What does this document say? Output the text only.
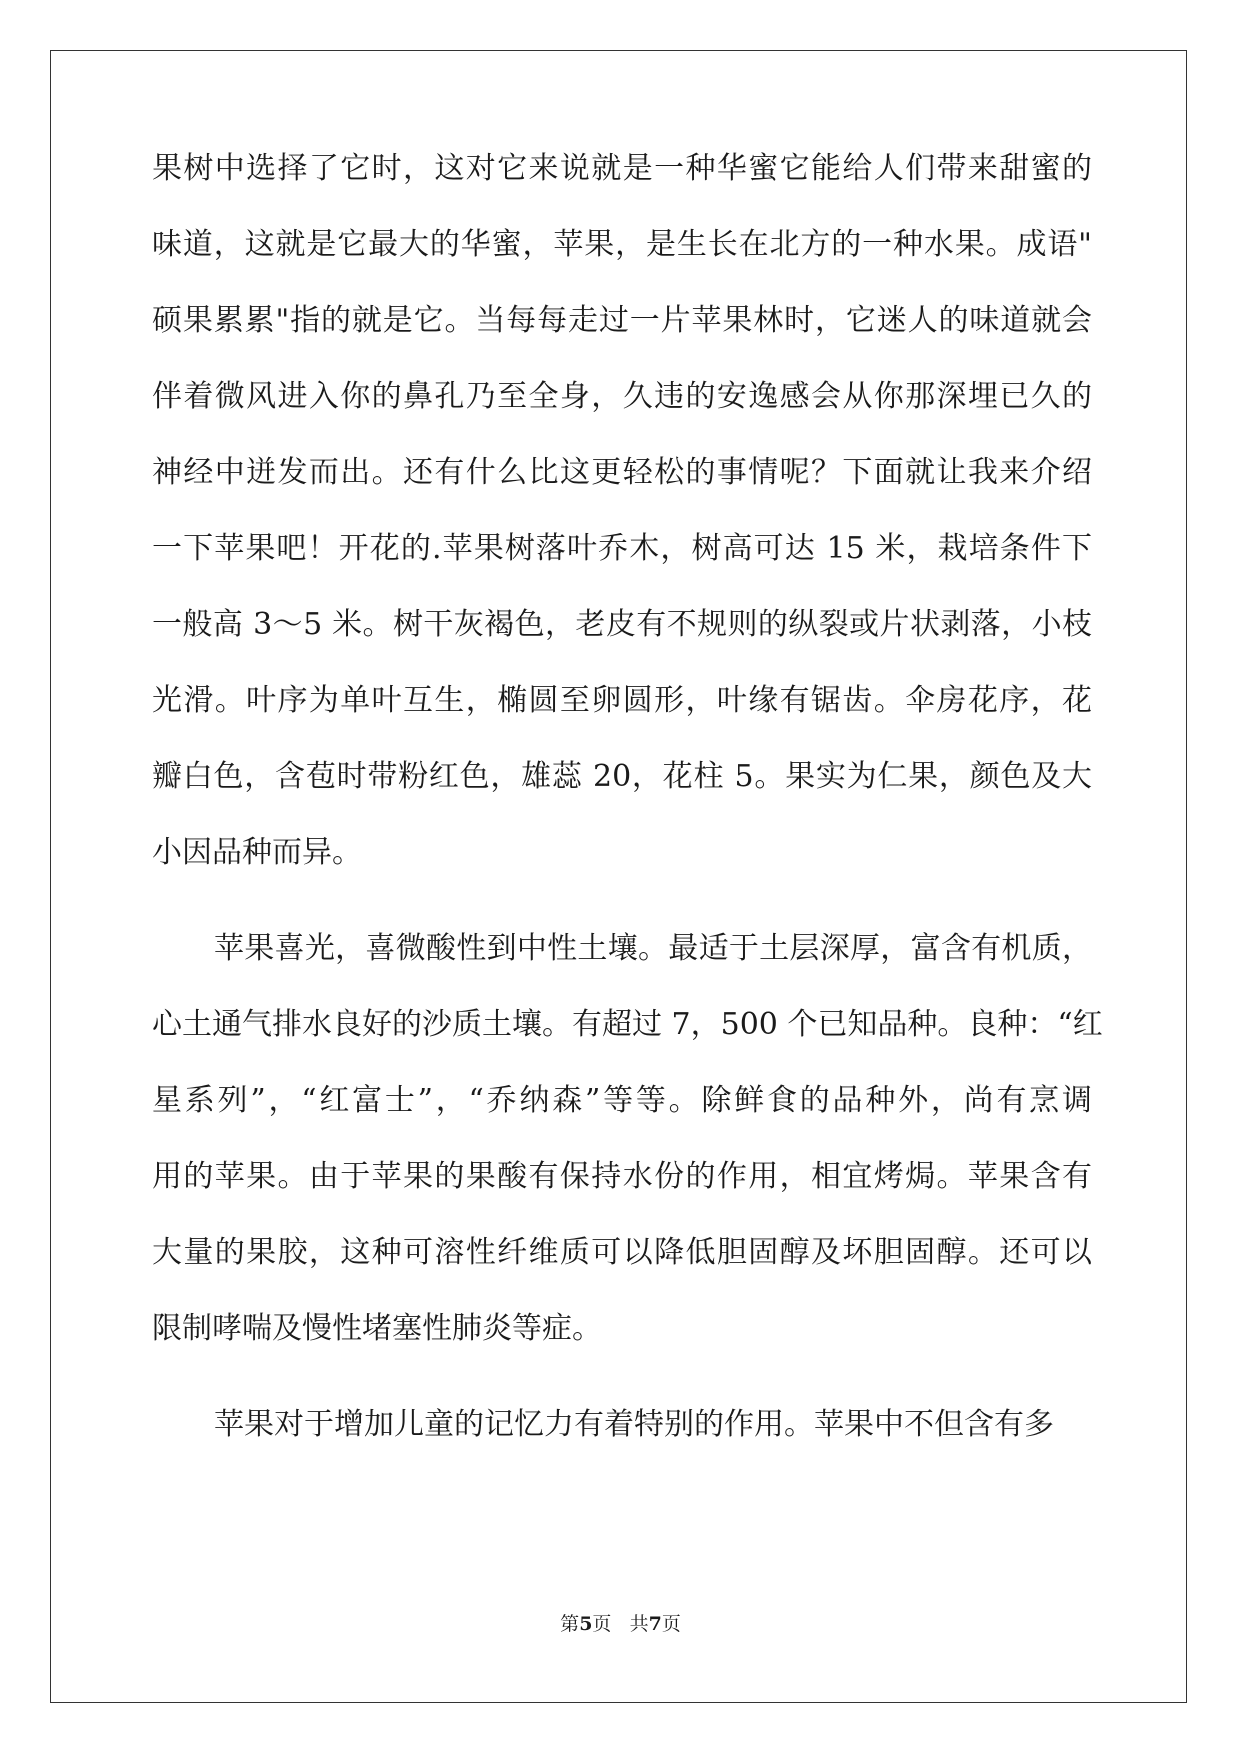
果树中选择了它时，这对它来说就是一种华蜜它能给人们带来甜蜜的
味道，这就是它最大的华蜜，苹果，是生长在北方的一种水果。成语"
硕果累累"指的就是它。当每每走过一片苹果林时，它迷人的味道就会
伴着微风进入你的鼻孔乃至全身，久违的安逸感会从你那深埋已久的
神经中迸发而出。还有什么比这更轻松的事情呢？下面就让我来介绍
一下苹果吧！开花的.苹果树落叶乔木，树高可达 15 米，栽培条件下
一般高 3～5 米。树干灰褐色，老皮有不规则的纵裂或片状剥落，小枝
光滑。叶序为单叶互生，椭圆至卵圆形，叶缘有锯齿。伞房花序，花
瓣白色，含苞时带粉红色，雄蕊 20，花柱 5。果实为仁果，颜色及大
小因品种而异。
苹果喜光，喜微酸性到中性土壤。最适于土层深厚，富含有机质，
心土通气排水良好的沙质土壤。有超过 7，500 个已知品种。良种：“红
星系列”，“红富士”，“乔纳森”等等。除鲜食的品种外，尚有烹调
用的苹果。由于苹果的果酸有保持水份的作用，相宜烤焗。苹果含有
大量的果胶，这种可溶性纤维质可以降低胆固醇及坏胆固醇。还可以
限制哮喘及慢性堵塞性肺炎等症。
苹果对于增加儿童的记忆力有着特别的作用。苹果中不但含有多
第5页 共7页
